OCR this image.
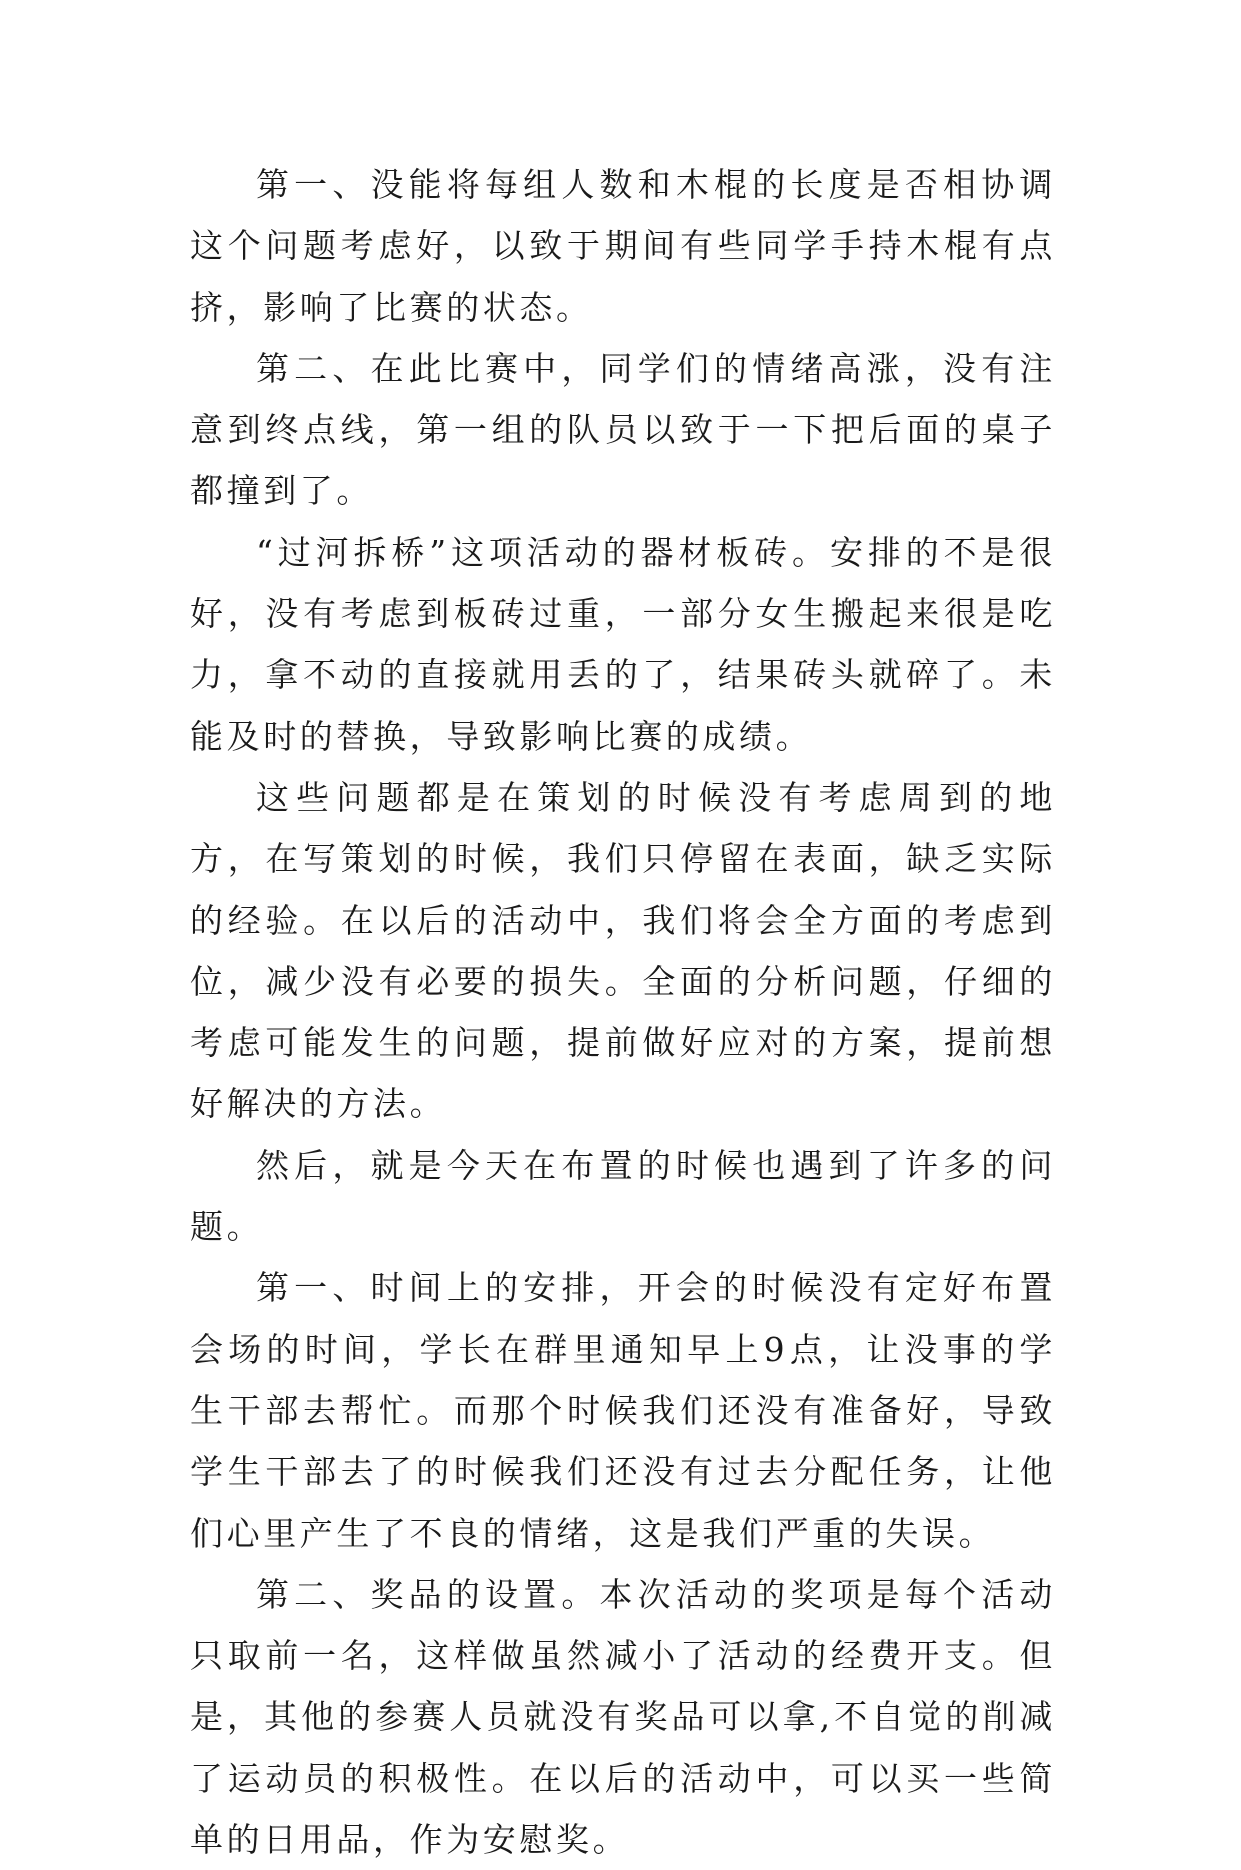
第一、没能将每组人数和木棍的长度是否相协调这个问题考虑好，以致于期间有些同学手持木棍有点挤，影响了比赛的状态。

第二、在此比赛中，同学们的情绪高涨，没有注意到终点线，第一组的队员以致于一下把后面的桌子都撞到了。

“过河拆桥”这项活动的器材板砖。安排的不是很好，没有考虑到板砖过重，一部分女生搬起来很是吃力，拿不动的直接就用丢的了，结果砖头就碎了。未能及时的替换，导致影响比赛的成绩。

这些问题都是在策划的时候没有考虑周到的地方，在写策划的时候，我们只停留在表面，缺乏实际的经验。在以后的活动中，我们将会全方面的考虑到位，减少没有必要的损失。全面的分析问题，仔细的考虑可能发生的问题，提前做好应对的方案，提前想好解决的方法。

然后，就是今天在布置的时候也遇到了许多的问题。

第一、时间上的安排，开会的时候没有定好布置会场的时间，学长在群里通知早上9点，让没事的学生干部去帮忙。而那个时候我们还没有准备好，导致学生干部去了的时候我们还没有过去分配任务，让他们心里产生了不良的情绪，这是我们严重的失误。

第二、奖品的设置。本次活动的奖项是每个活动只取前一名，这样做虽然减小了活动的经费开支。但是，其他的参赛人员就没有奖品可以拿,不自觉的削减了运动员的积极性。在以后的活动中，可以买一些简单的日用品，作为安慰奖。
